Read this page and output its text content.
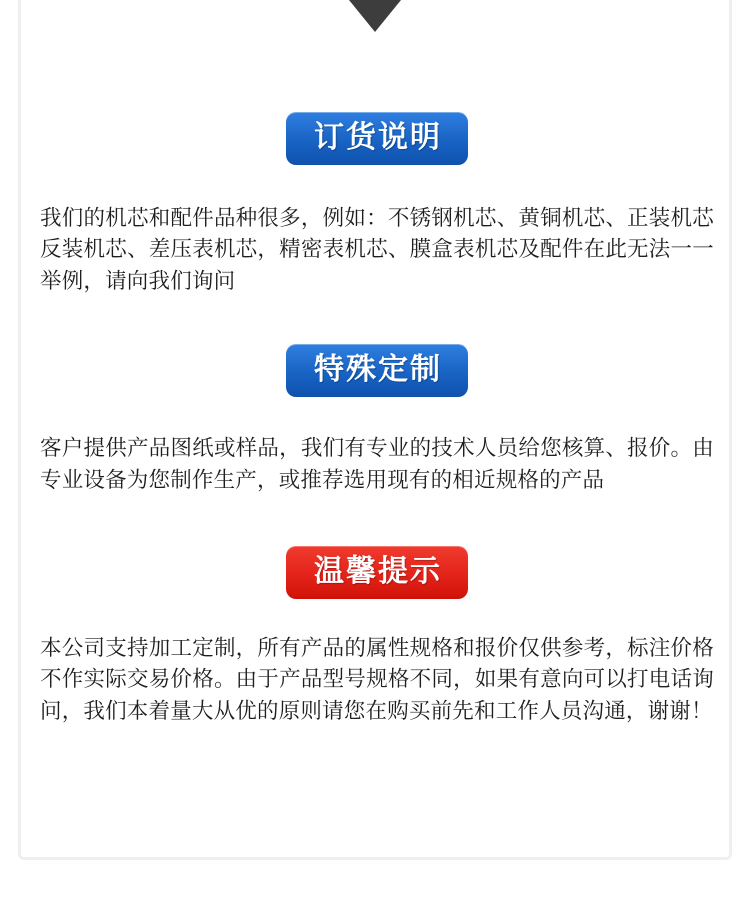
订货说明

我们的机芯和配件品种很多，例如：不锈钢机芯、黄铜机芯、正装机芯反装机芯、差压表机芯，精密表机芯、膜盒表机芯及配件在此无法一一举例，请向我们询问

特殊定制

客户提供产品图纸或样品，我们有专业的技术人员给您核算、报价。由专业设备为您制作生产，或推荐选用现有的相近规格的产品

温馨提示

本公司支持加工定制，所有产品的属性规格和报价仅供参考，标注价格不作实际交易价格。由于产品型号规格不同，如果有意向可以打电话询问，我们本着量大从优的原则请您在购买前先和工作人员沟通，谢谢！
